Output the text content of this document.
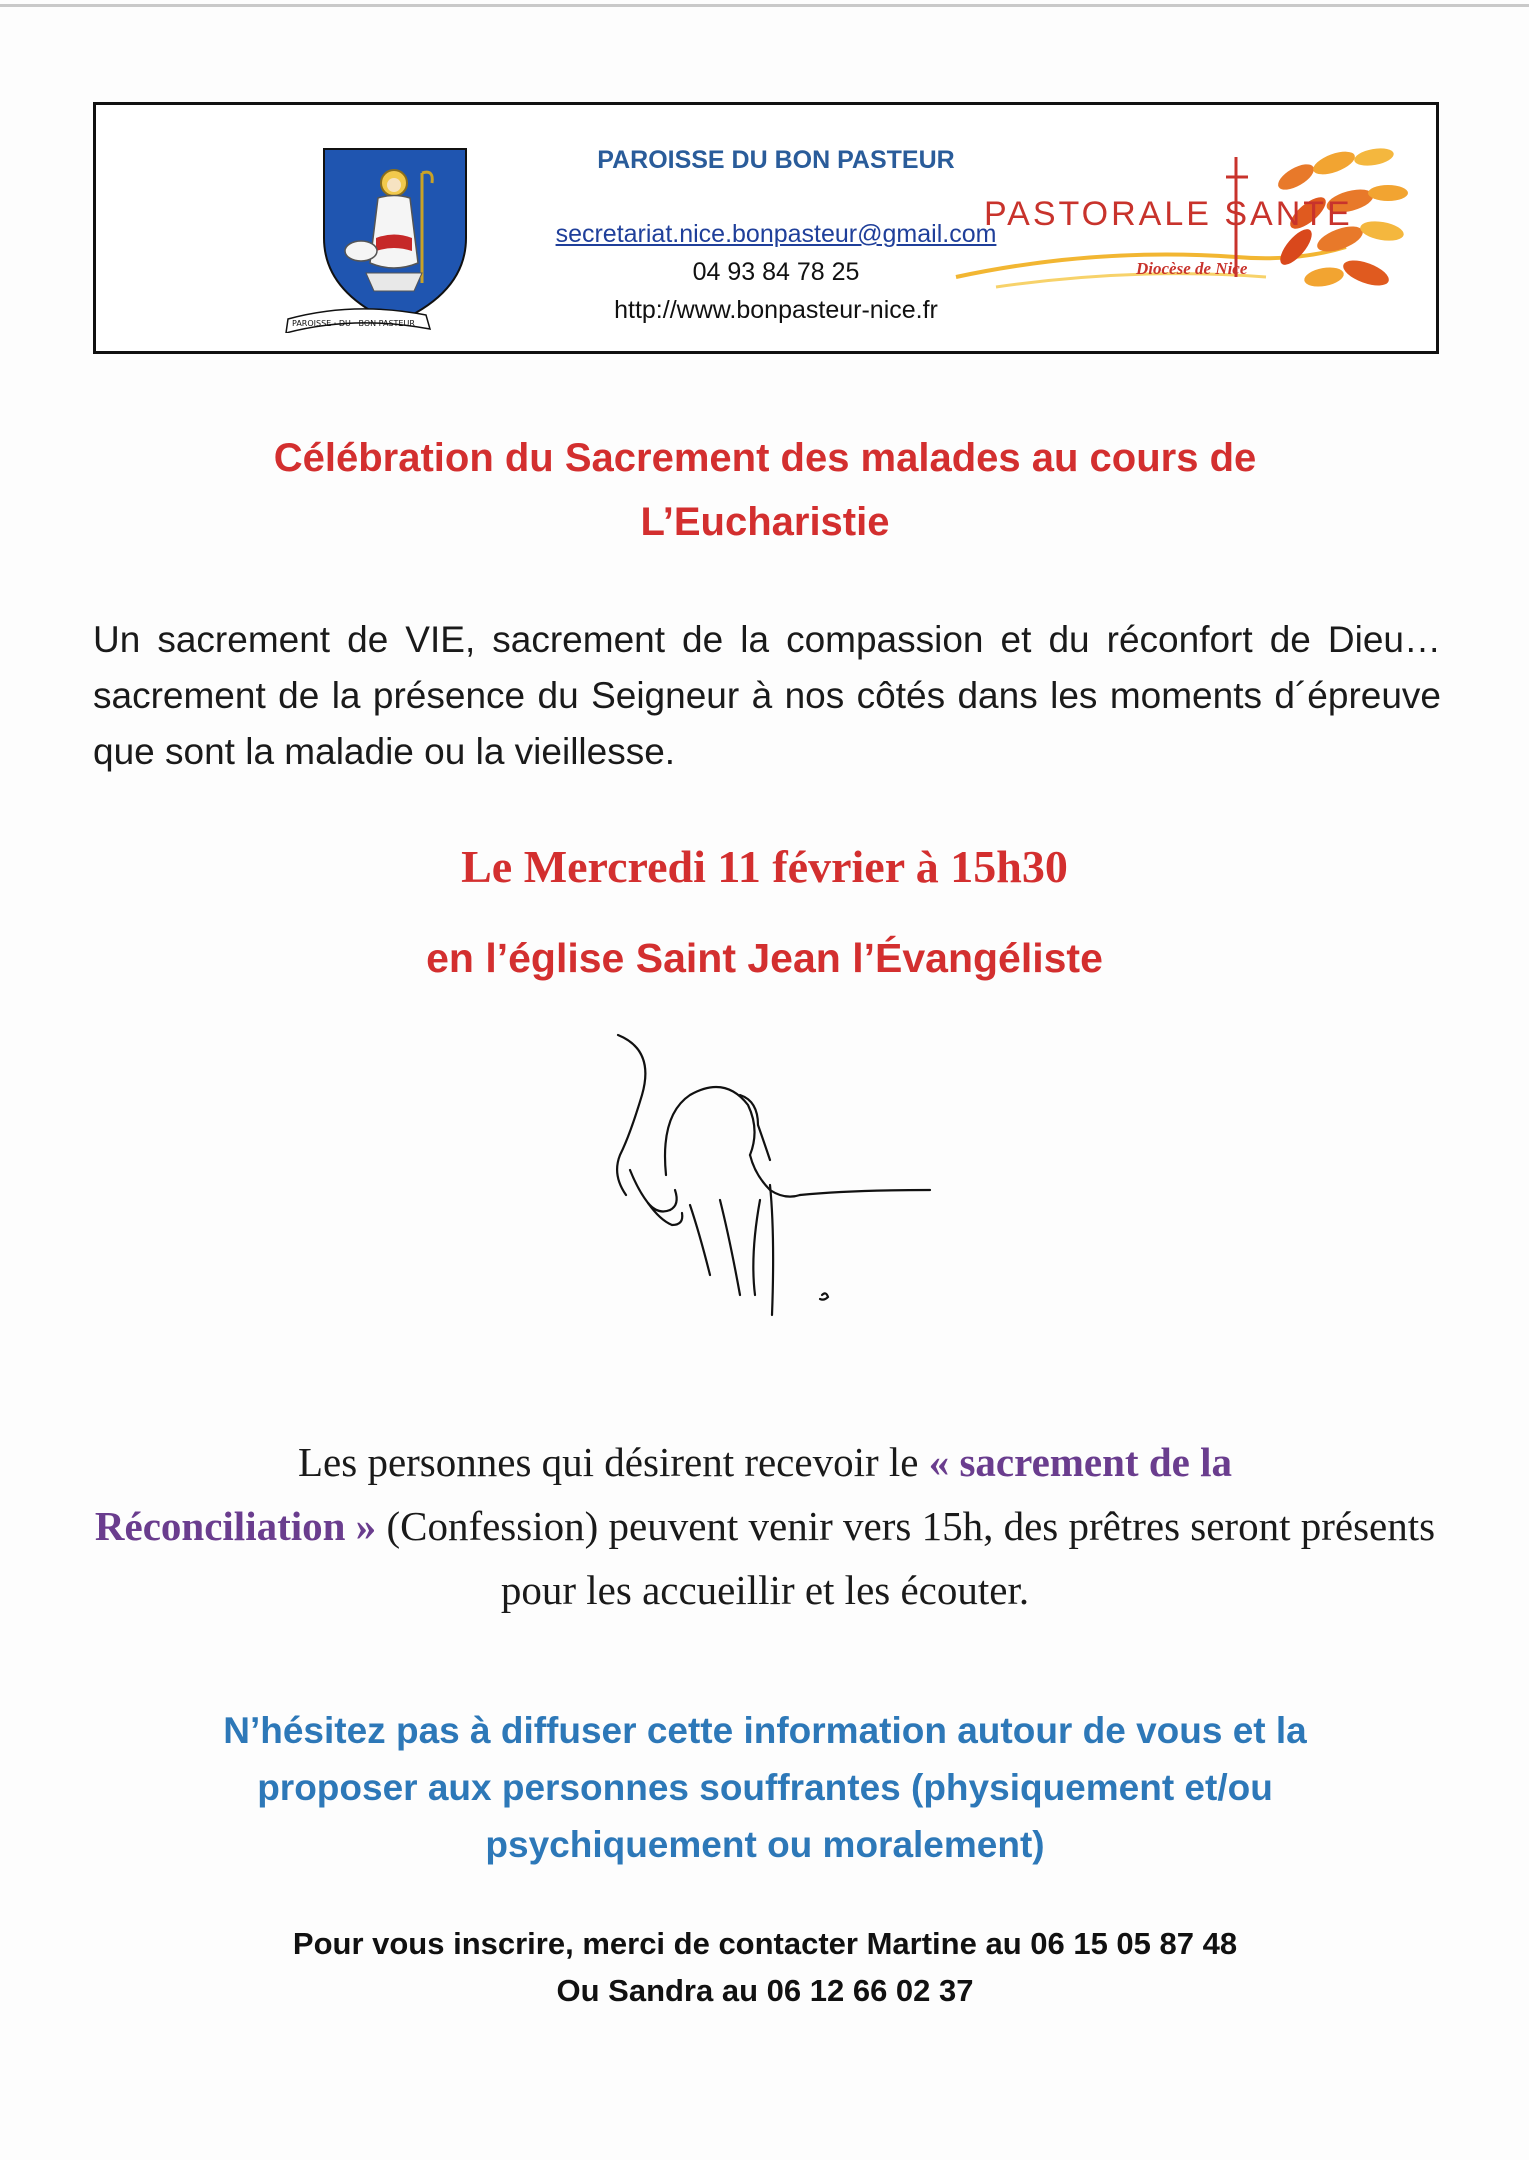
PAROISSE · DU · BON PASTEUR
PAROISSE DU BON PASTEUR
secretariat.nice.bonpasteur@gmail.com
04 93 84 78 25
http://www.bonpasteur-nice.fr
PASTORALE SANTE
Diocèse de Nice
Célébration du Sacrement des malades au cours de
L’Eucharistie
Un sacrement de VIE, sacrement de la compassion et du réconfort de Dieu…sacrement de la présence du Seigneur à nos côtés dans les moments d´épreuve que sont la maladie ou la vieillesse.
Le Mercredi 11 février à 15h30
en l’église Saint Jean l’Évangéliste
Les personnes qui désirent recevoir le « sacrement de la
Réconciliation » (Confession) peuvent venir vers 15h, des prêtres seront présents pour les accueillir et les écouter.
N’hésitez pas à diffuser cette information autour de vous et la
proposer aux personnes souffrantes (physiquement et/ou
psychiquement ou moralement)
Pour vous inscrire, merci de contacter Martine au 06 15 05 87 48
Ou Sandra au 06 12 66 02 37
